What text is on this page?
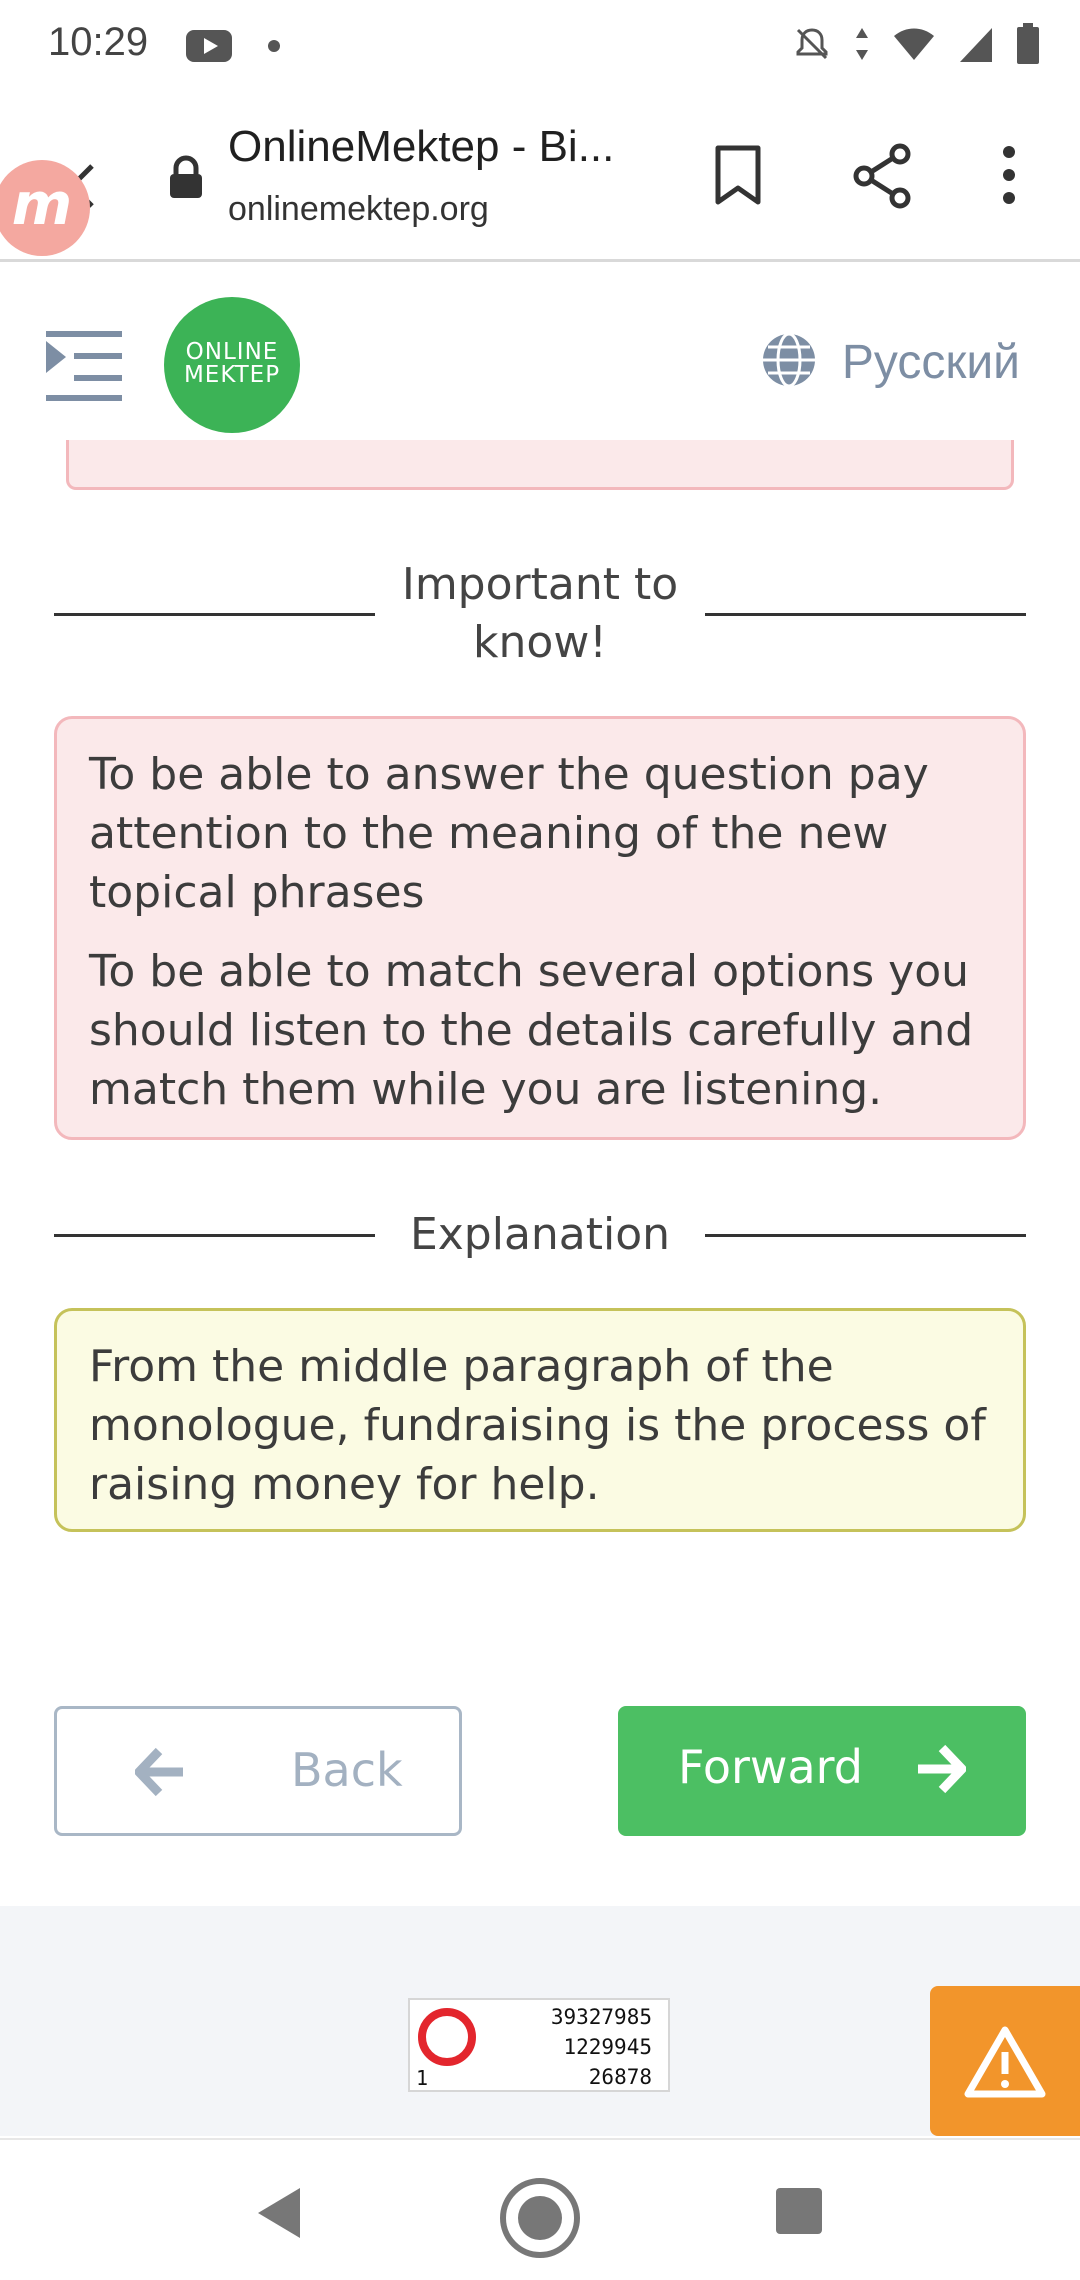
10:29
m
OnlineMektep - Bi...
onlinemektep.org
ONLINE
MEKTEP	Русский
Important to know!

To be able to answer the question pay attention to the meaning of the new topical phrases

To be able to match several options you should listen to the details carefully and match them while you are listening.

Explanation

From the middle paragraph of the monologue, fundraising is the process of raising money for help.

Back	Forward
1
39327985
1229945
26878
